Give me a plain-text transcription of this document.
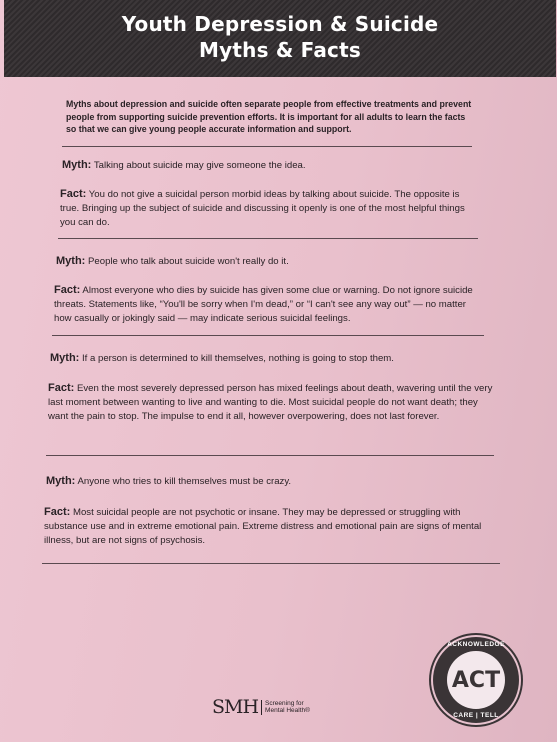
Youth Depression & Suicide
Myths & Facts
Myths about depression and suicide often separate people from effective treatments and prevent people from supporting suicide prevention efforts. It is important for all adults to learn the facts so that we can give young people accurate information and support.
Myth: Talking about suicide may give someone the idea.
Fact: You do not give a suicidal person morbid ideas by talking about suicide. The opposite is true. Bringing up the subject of suicide and discussing it openly is one of the most helpful things you can do.
Myth: People who talk about suicide won't really do it.
Fact: Almost everyone who dies by suicide has given some clue or warning. Do not ignore suicide threats. Statements like, “You'll be sorry when I'm dead,” or “I can't see any way out” — no matter how casually or jokingly said — may indicate serious suicidal feelings.
Myth: If a person is determined to kill themselves, nothing is going to stop them.
Fact: Even the most severely depressed person has mixed feelings about death, wavering until the very last moment between wanting to live and wanting to die. Most suicidal people do not want death; they want the pain to stop. The impulse to end it all, however overpowering, does not last forever.
Myth: Anyone who tries to kill themselves must be crazy.
Fact: Most suicidal people are not psychotic or insane. They may be depressed or struggling with substance use and in extreme emotional pain. Extreme distress and emotional pain are signs of mental illness, but are not signs of psychosis.
SMH	Screening for
Mental Health®
ACKNOWLEDGE
ACT
CARE | TELL
